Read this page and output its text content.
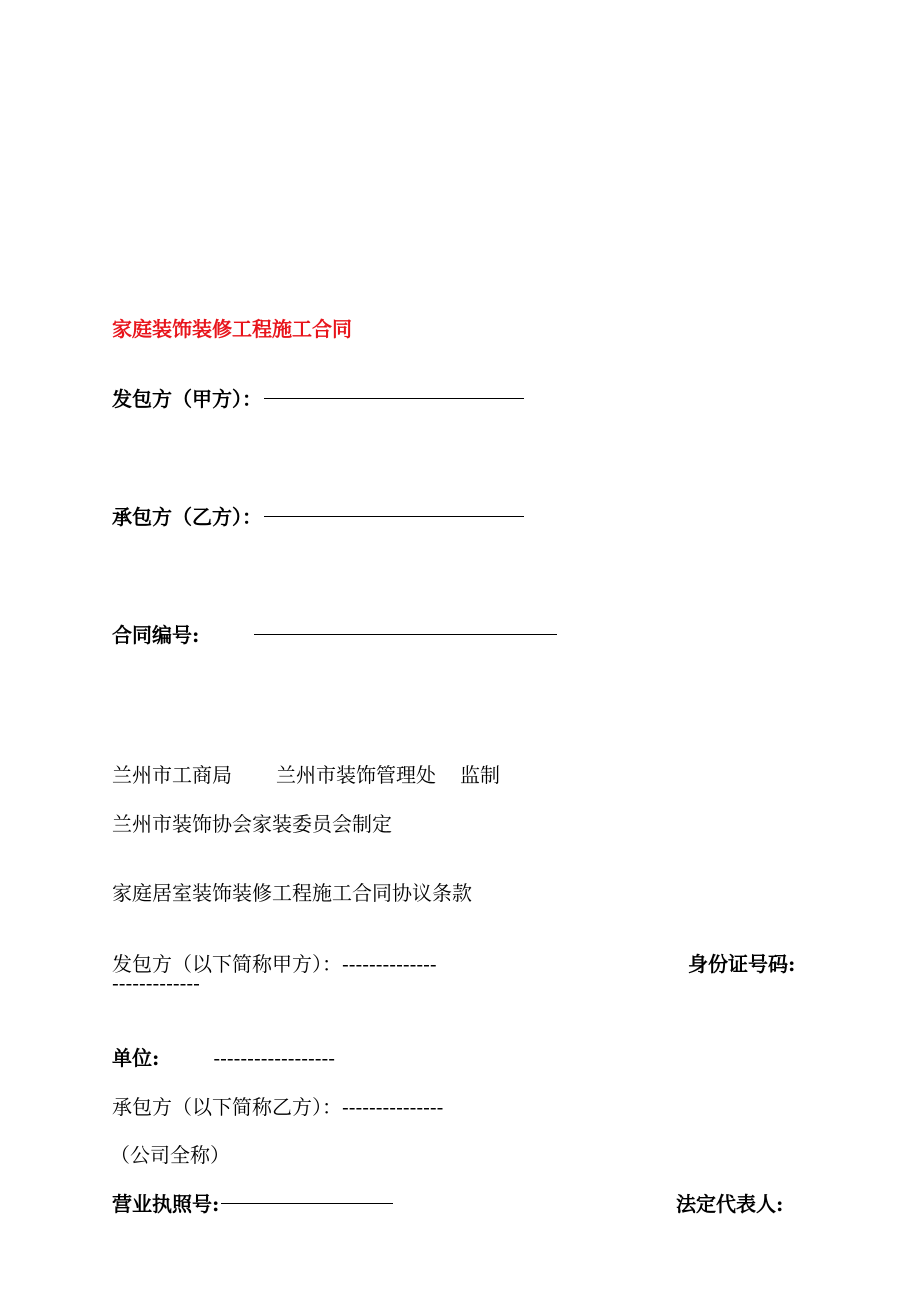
家庭装饰装修工程施工合同
发包方（甲方）：
承包方（乙方）：
合同编号:
兰州市工商局 兰州市装饰管理处 监制
兰州市装饰协会家装委员会制定
家庭居室装饰装修工程施工合同协议条款
发包方（以下简称甲方）：--------------	身份证号码:
-------------
单位:	------------------
承包方（以下简称乙方）：---------------
（公司全称）
营业执照号:	法定代表人:
